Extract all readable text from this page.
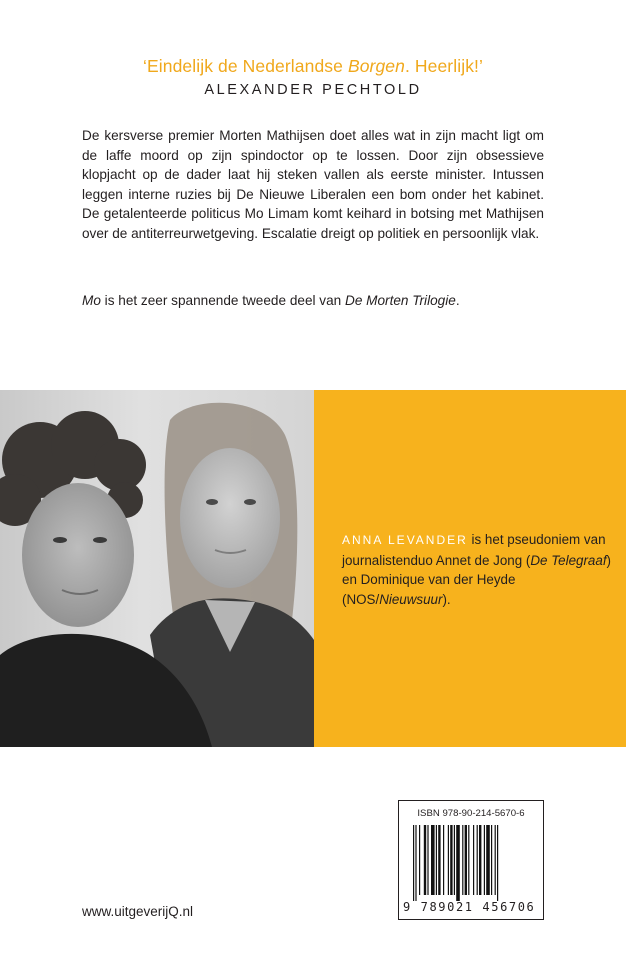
‘Eindelijk de Nederlandse Borgen. Heerlijk!’
ALEXANDER PECHTOLD

De kersverse premier Morten Mathijsen doet alles wat in zijn macht ligt om de laffe moord op zijn spindoctor op te lossen. Door zijn obsessieve klopjacht op de dader laat hij steken vallen als eerste minister. Intussen leggen interne ruzies bij De Nieuwe Liberalen een bom onder het kabinet. De getalenteerde politicus Mo Limam komt keihard in botsing met Mathijsen over de antiterreurwetgeving. Escalatie dreigt op politiek en persoonlijk vlak.

Mo is het zeer spannende tweede deel van De Morten Trilogie.

ANNA LEVANDER is het pseudoniem van journalistenduo Annet de Jong (De Telegraaf) en Dominique van der Heyde (NOS/Nieuwsuur).

www.uitgeverijQ.nl
ISBN 978-90-214-5670-6
9 789021 456706
